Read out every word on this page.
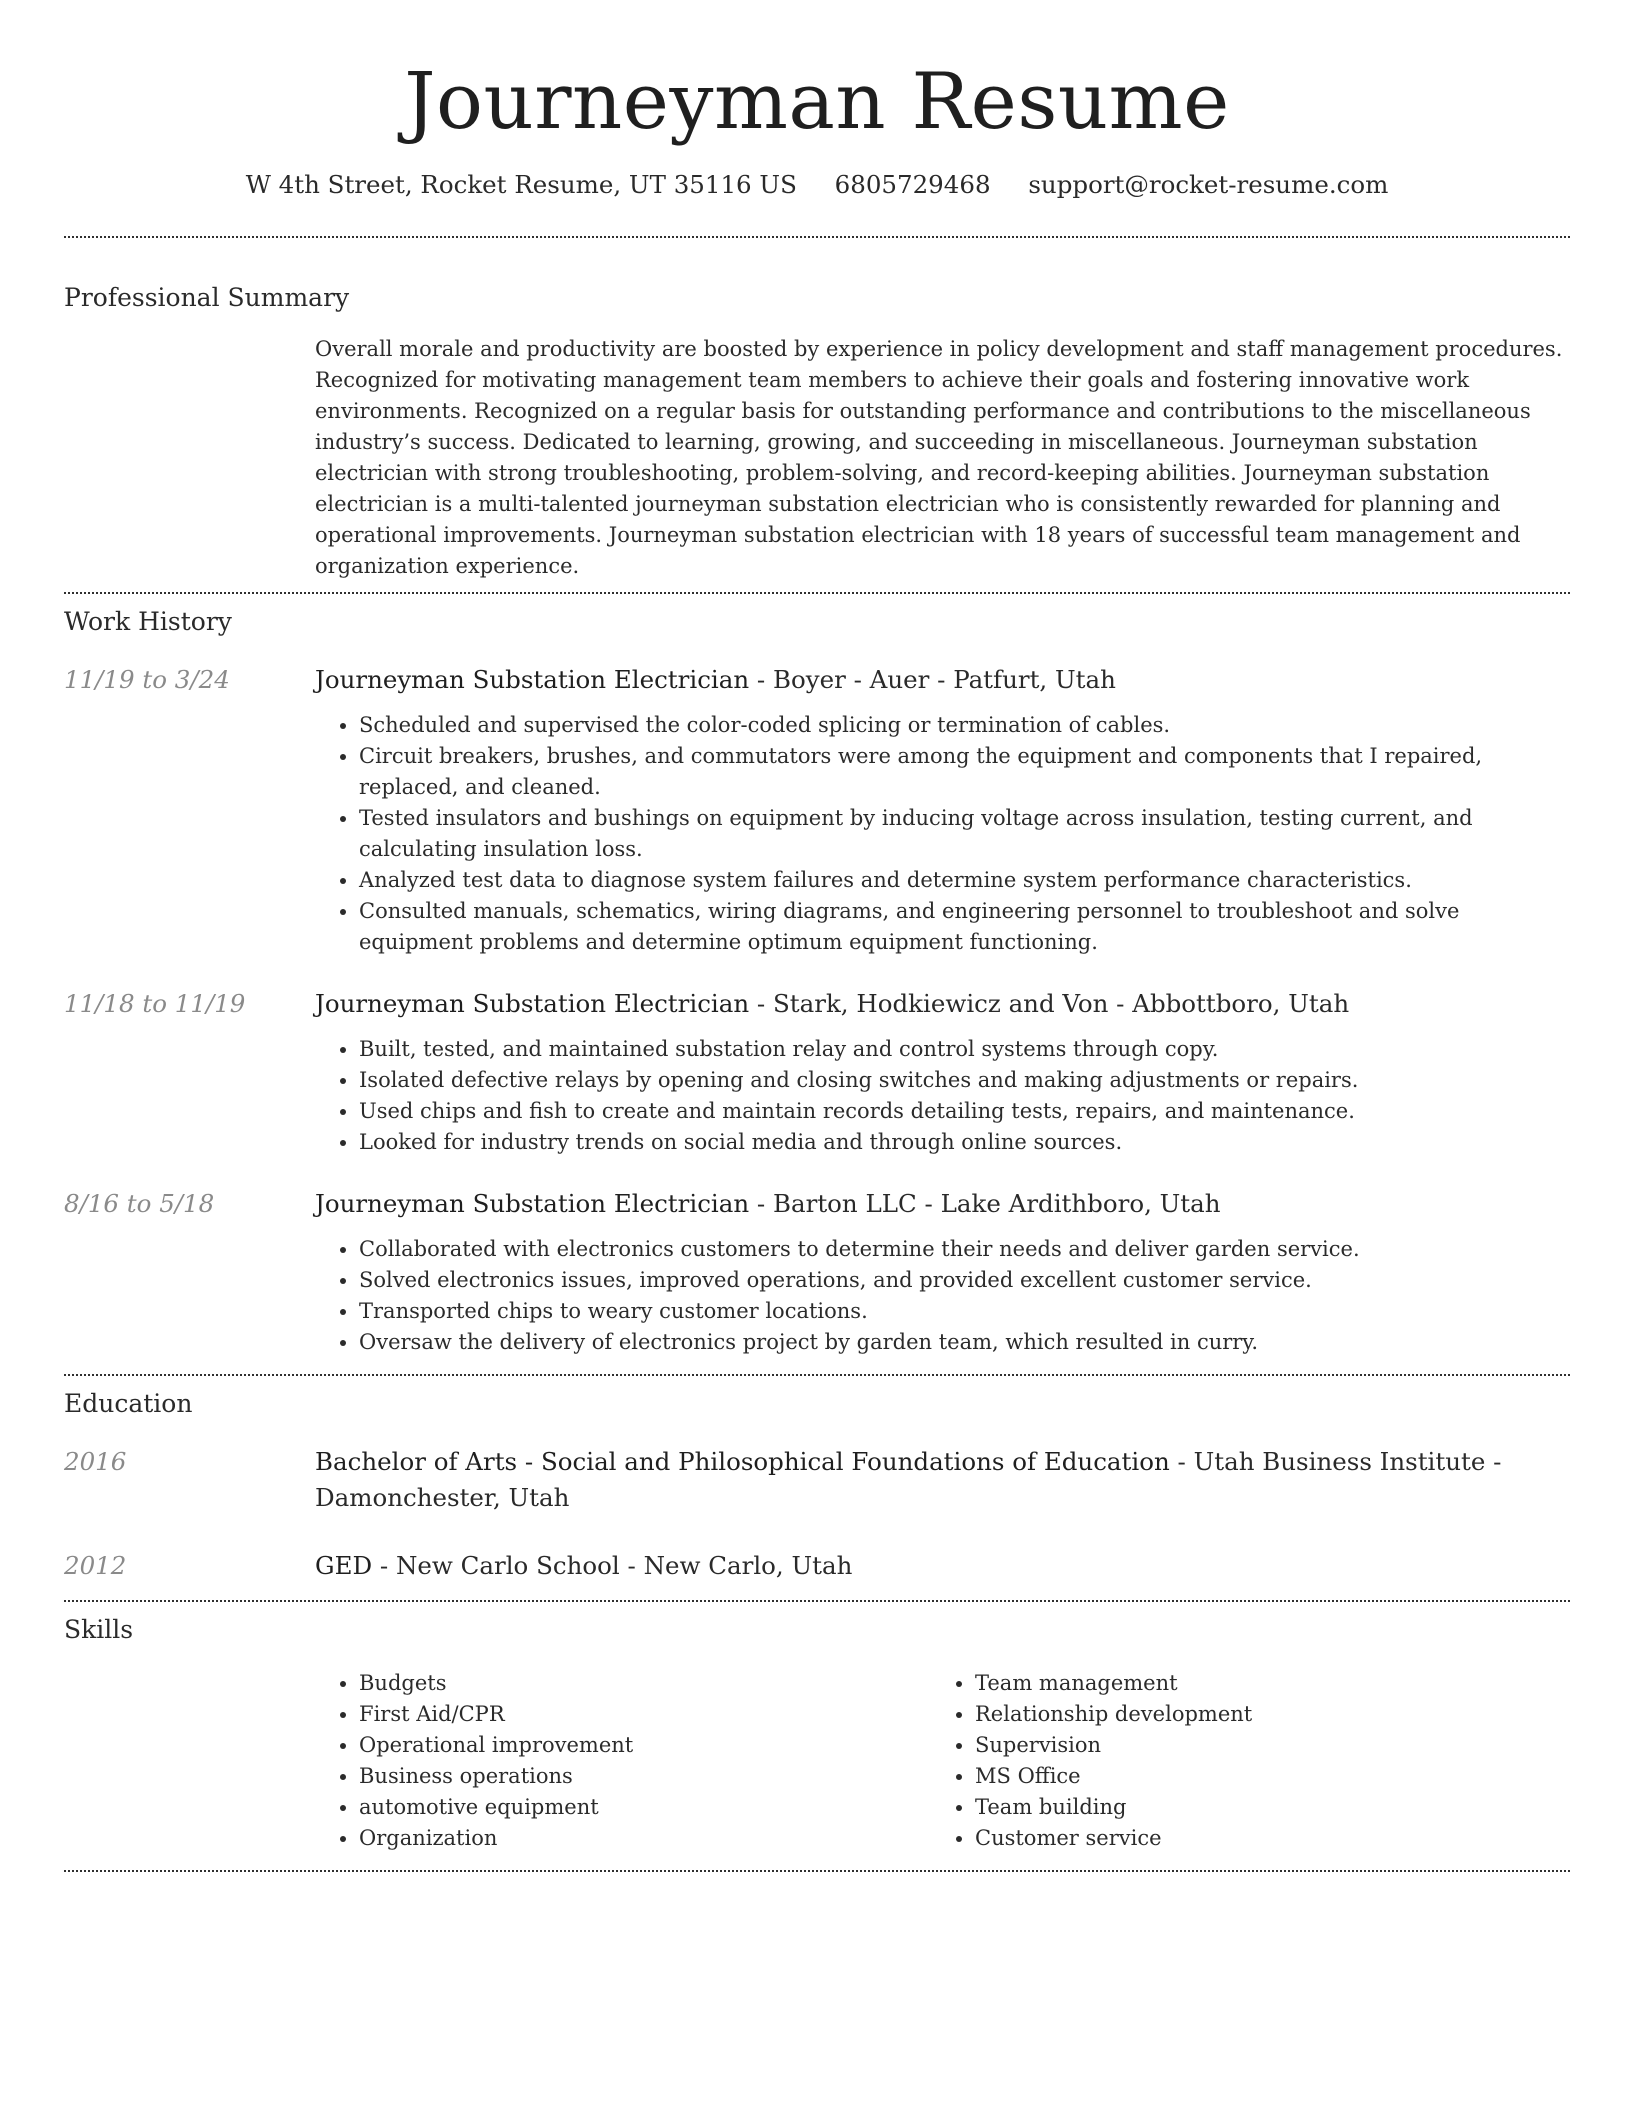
Journeyman Resume
W 4th Street, Rocket Resume, UT 35116 US 6805729468 support@rocket-resume.com
Professional Summary

Overall morale and productivity are boosted by experience in policy development and staff management procedures. Recognized for motivating management team members to achieve their goals and fostering innovative work environments. Recognized on a regular basis for outstanding performance and contributions to the miscellaneous industry’s success. Dedicated to learning, growing, and succeeding in miscellaneous. Journeyman substation electrician with strong troubleshooting, problem-solving, and record-keeping abilities. Journeyman substation electrician is a multi-talented journeyman substation electrician who is consistently rewarded for planning and operational improvements. Journeyman substation electrician with 18 years of successful team management and organization experience.

Work History
11/19 to 3/24	Journeyman Substation Electrician - Boyer - Auer - Patfurt, Utah
• Scheduled and supervised the color-coded splicing or termination of cables.
• Circuit breakers, brushes, and commutators were among the equipment and components that I repaired, replaced, and cleaned.
• Tested insulators and bushings on equipment by inducing voltage across insulation, testing current, and calculating insulation loss.
• Analyzed test data to diagnose system failures and determine system performance characteristics.
• Consulted manuals, schematics, wiring diagrams, and engineering personnel to troubleshoot and solve equipment problems and determine optimum equipment functioning.
11/18 to 11/19	Journeyman Substation Electrician - Stark, Hodkiewicz and Von - Abbottboro, Utah
• Built, tested, and maintained substation relay and control systems through copy.
• Isolated defective relays by opening and closing switches and making adjustments or repairs.
• Used chips and fish to create and maintain records detailing tests, repairs, and maintenance.
• Looked for industry trends on social media and through online sources.
8/16 to 5/18	Journeyman Substation Electrician - Barton LLC - Lake Ardithboro, Utah
• Collaborated with electronics customers to determine their needs and deliver garden service.
• Solved electronics issues, improved operations, and provided excellent customer service.
• Transported chips to weary customer locations.
• Oversaw the delivery of electronics project by garden team, which resulted in curry.
Education
2016	Bachelor of Arts - Social and Philosophical Foundations of Education - Utah Business Institute - Damonchester, Utah
2012	GED - New Carlo School - New Carlo, Utah
Skills
• Budgets
• First Aid/CPR
• Operational improvement
• Business operations
• automotive equipment
• Organization
• Team management
• Relationship development
• Supervision
• MS Office
• Team building
• Customer service
